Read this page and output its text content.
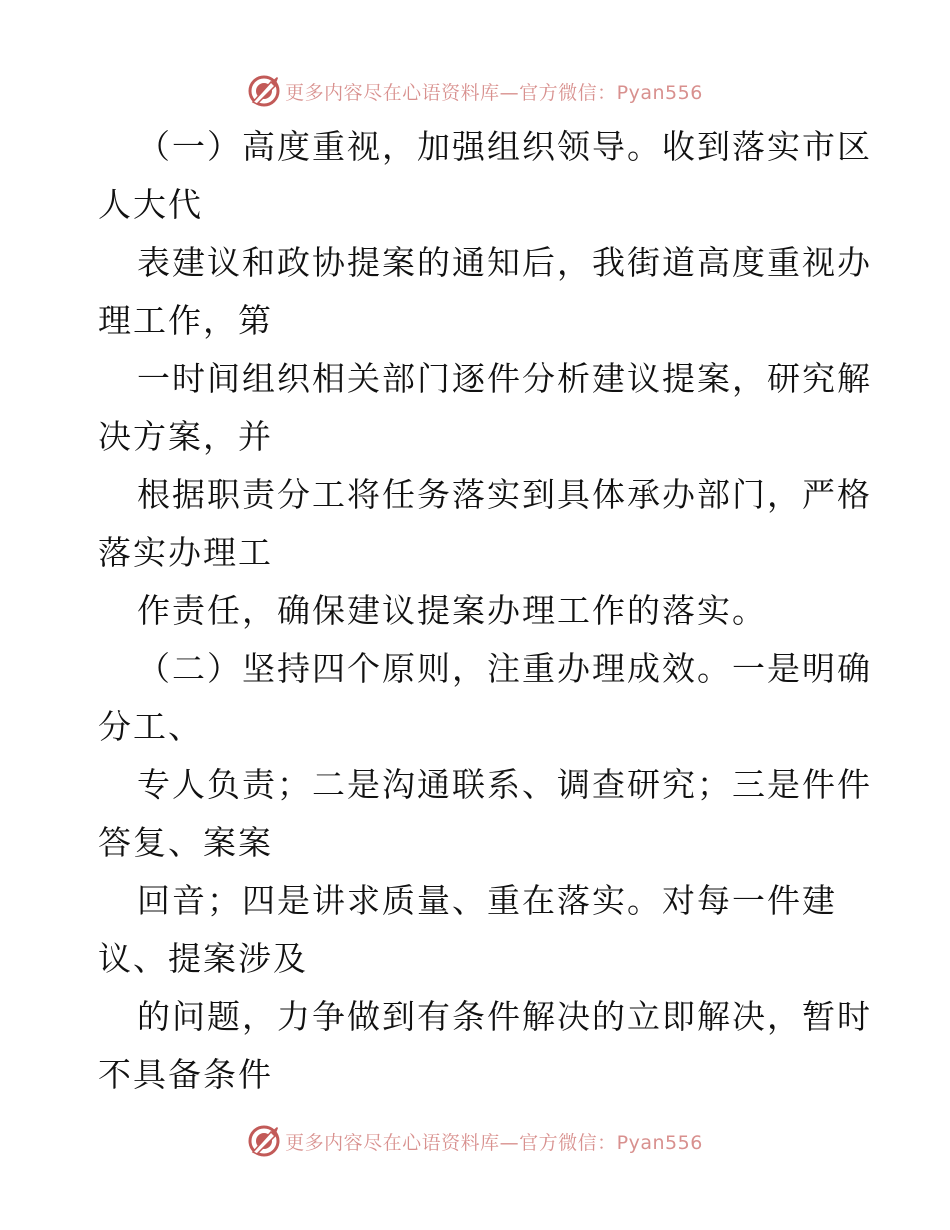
更多内容尽在心语资料库—官方微信：Pyan556
（一）高度重视，加强组织领导。收到落实市区
人大代
表建议和政协提案的通知后，我街道高度重视办
理工作，第
一时间组织相关部门逐件分析建议提案，研究解
决方案，并
根据职责分工将任务落实到具体承办部门，严格
落实办理工
作责任，确保建议提案办理工作的落实。
（二）坚持四个原则，注重办理成效。一是明确
分工、
专人负责；二是沟通联系、调查研究；三是件件
答复、案案
回音；四是讲求质量、重在落实。对每一件建
议、提案涉及
的问题，力争做到有条件解决的立即解决，暂时
不具备条件
更多内容尽在心语资料库—官方微信：Pyan556
